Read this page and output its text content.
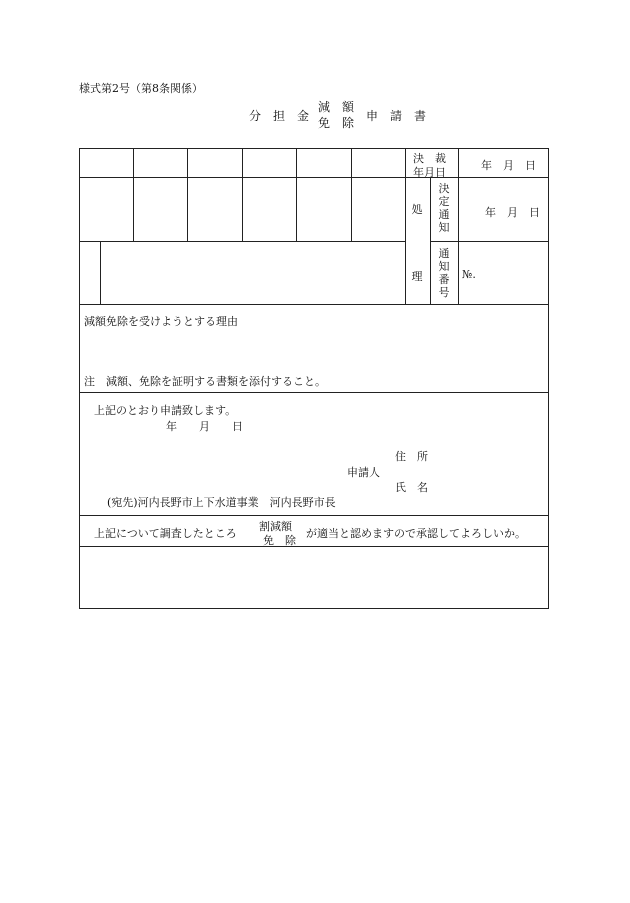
様式第2号（第8条関係）
分　担　金
減　額
免　除 申　請　書
決　裁
年月日
年　月　日
処
理
決定通知
年　月　日
通知番号
№.
減額免除を受けようとする理由
注　減額、免除を証明する書類を添付すること。
上記のとおり申請致します。
年　　月　　日
住　所
申請人
氏　名
(宛先)河内長野市上下水道事業　河内長野市長
上記について調査したところ
割減額
免　除
が適当と認めますので承認してよろしいか。
